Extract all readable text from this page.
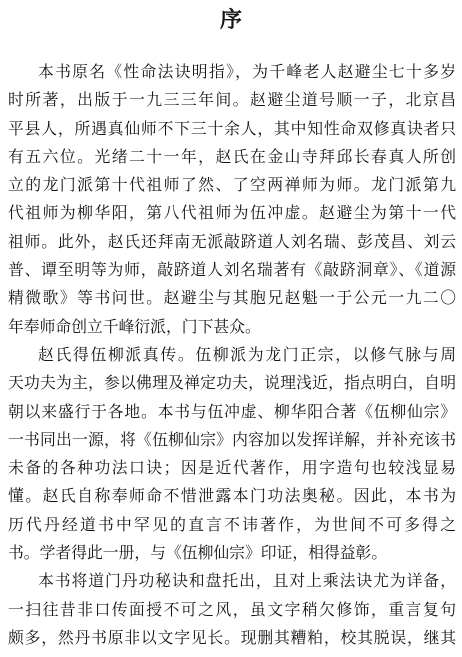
序
本书原名《性命法诀明指》，为千峰老人赵避尘七十多岁
时所著，出版于一九三三年间。赵避尘道号顺一子，北京昌
平县人，所遇真仙师不下三十余人，其中知性命双修真诀者只
有五六位。光绪二十一年，赵氏在金山寺拜邱长春真人所创
立的龙门派第十代祖师了然、了空两禅师为师。龙门派第九
代祖师为柳华阳，第八代祖师为伍冲虚。赵避尘为第十一代
祖师。此外，赵氏还拜南无派敲跻道人刘名瑞、彭茂昌、刘云
普、谭至明等为师，敲跻道人刘名瑞著有《敲跻洞章》、《道源
精微歌》等书问世。赵避尘与其胞兄赵魁一于公元一九二〇
年奉师命创立千峰衍派，门下甚众。
赵氏得伍柳派真传。伍柳派为龙门正宗，以修气脉与周
天功夫为主，参以佛理及禅定功夫，说理浅近，指点明白，自明
朝以来盛行于各地。本书与伍冲虚、柳华阳合著《伍柳仙宗》
一书同出一源，将《伍柳仙宗》内容加以发挥详解，并补充该书
未备的各种功法口诀；因是近代著作，用字造句也较浅显易
懂。赵氏自称奉师命不惜泄露本门功法奥秘。因此，本书为
历代丹经道书中罕见的直言不讳著作，为世间不可多得之
书。学者得此一册，与《伍柳仙宗》印证，相得益彰。
本书将道门丹功秘诀和盘托出，且对上乘法诀尤为详备，
一扫往昔非口传面授不可之风，虽文字稍欠修饰，重言复句
颇多，然丹书原非以文字见长。现删其糟粕，校其脱误，继其
